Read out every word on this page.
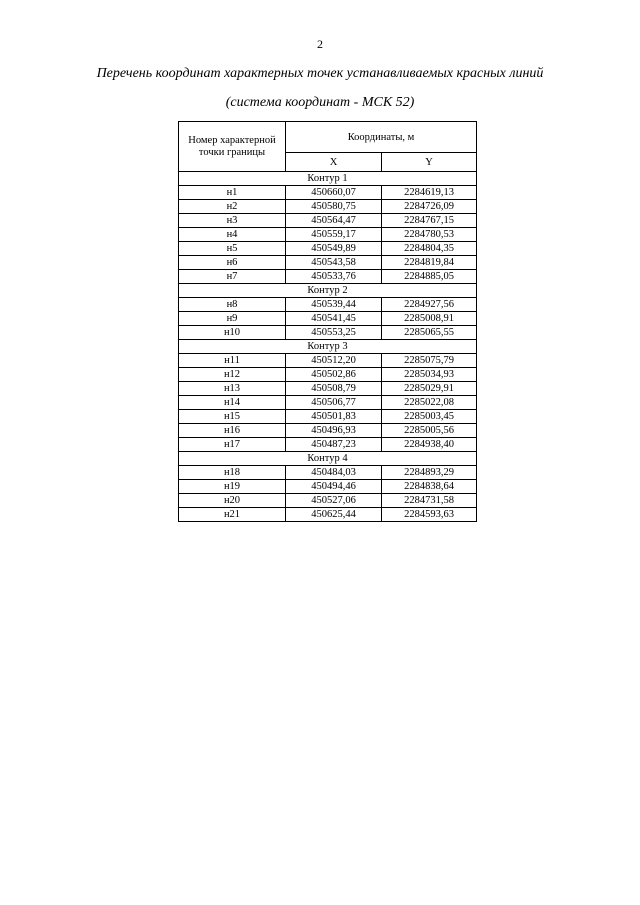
2
Перечень координат характерных точек устанавливаемых красных линий
(система координат - МСК 52)
Номер характерной точки границы	Координаты, м	
	X	Y
Контур 1		
н1	450660,07	2284619,13
н2	450580,75	2284726,09
н3	450564,47	2284767,15
н4	450559,17	2284780,53
н5	450549,89	2284804,35
н6	450543,58	2284819,84
н7	450533,76	2284885,05
Контур 2		
н8	450539,44	2284927,56
н9	450541,45	2285008,91
н10	450553,25	2285065,55
Контур 3		
н11	450512,20	2285075,79
н12	450502,86	2285034,93
н13	450508,79	2285029,91
н14	450506,77	2285022,08
н15	450501,83	2285003,45
н16	450496,93	2285005,56
н17	450487,23	2284938,40
Контур 4		
н18	450484,03	2284893,29
н19	450494,46	2284838,64
н20	450527,06	2284731,58
н21	450625,44	2284593,63
